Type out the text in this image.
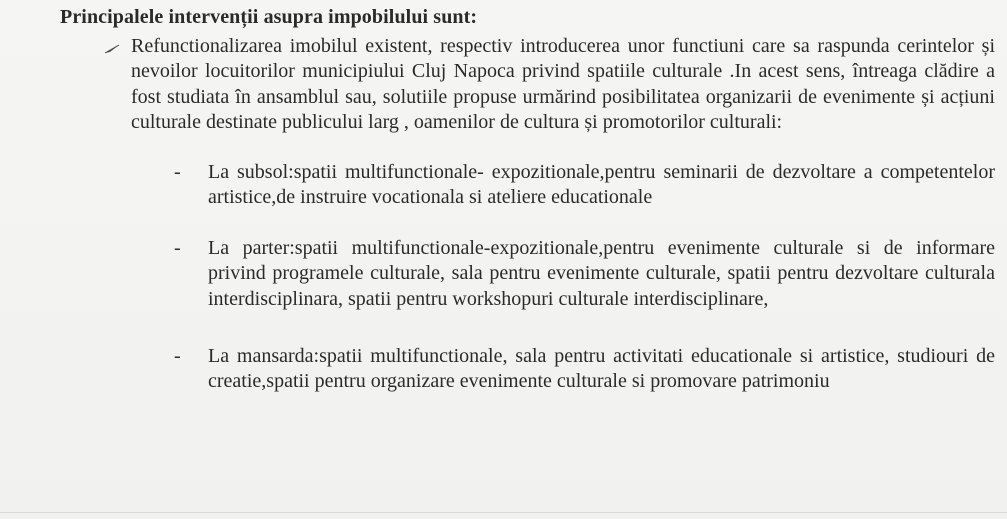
Principalele intervenții asupra impobilului sunt:
Refunctionalizarea imobilul existent, respectiv introducerea unor functiuni care sa raspunda cerintelor și nevoilor locuitorilor municipiului Cluj Napoca privind spatiile culturale .In acest sens, întreaga clădire a fost studiata în ansamblul sau, solutiile propuse urmărind posibilitatea organizarii de evenimente și acțiuni culturale destinate publicului larg , oamenilor de cultura și promotorilor culturali:
- La subsol:spatii multifunctionale- expozitionale,pentru seminarii de dezvoltare a competentelor artistice,de instruire vocationala si ateliere educationale
- La parter:spatii multifunctionale-expozitionale,pentru evenimente culturale si de informare privind programele culturale, sala pentru evenimente culturale, spatii pentru dezvoltare culturala interdisciplinara, spatii pentru workshopuri culturale interdisciplinare,
- La mansarda:spatii multifunctionale, sala pentru activitati educationale si artistice, studiouri de creatie,spatii pentru organizare evenimente culturale si promovare patrimoniu
